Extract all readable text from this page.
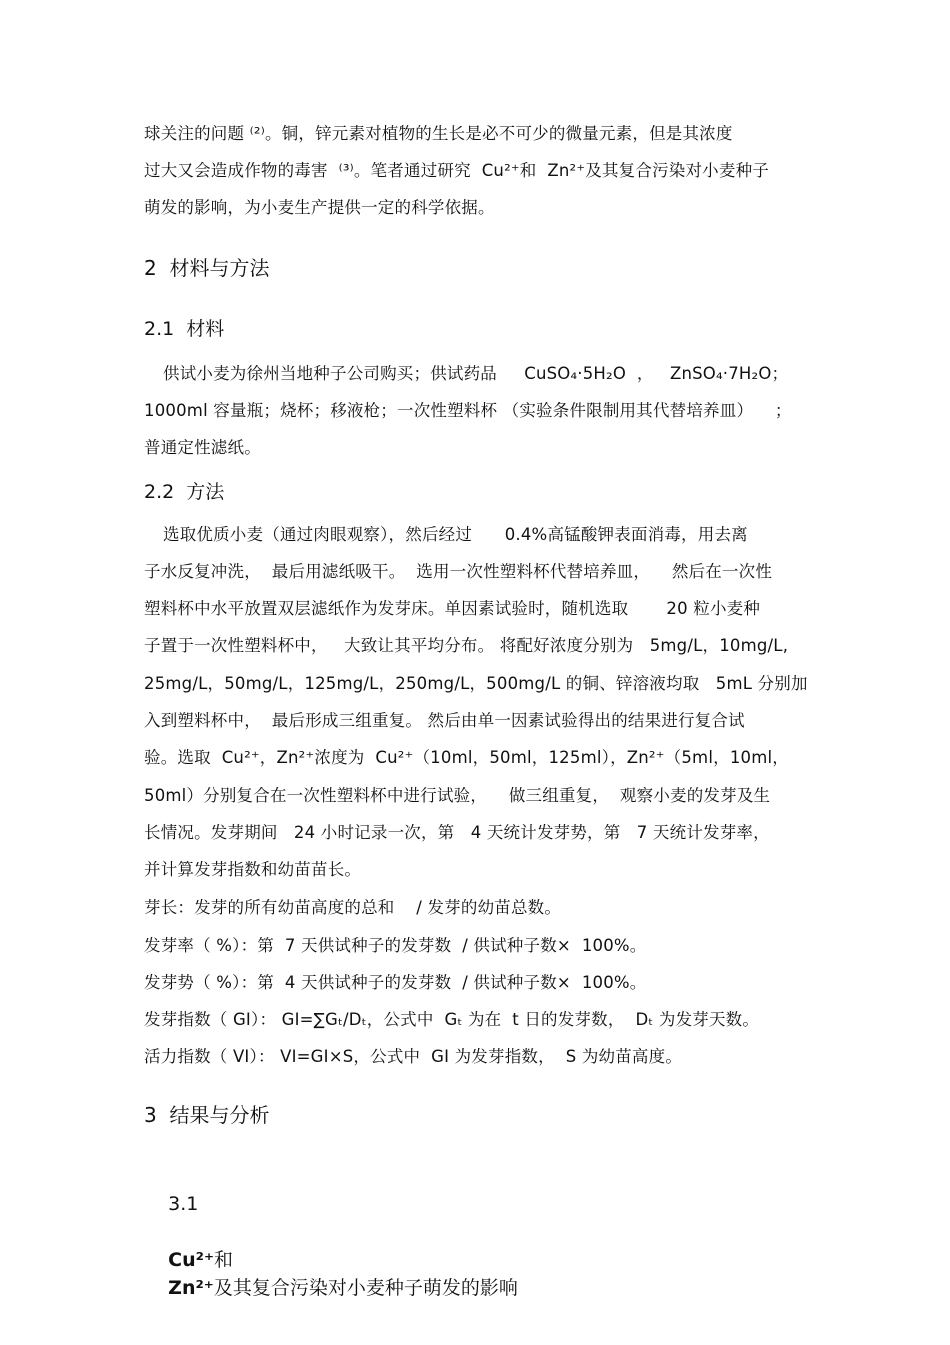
球关注的问题 ⁽²⁾。铜，锌元素对植物的生长是必不可少的微量元素，但是其浓度
过大又会造成作物的毒害  ⁽³⁾。笔者通过研究  Cu²⁺和  Zn²⁺及其复合污染对小麦种子
萌发的影响，为小麦生产提供一定的科学依据。
2  材料与方法
2.1  材料
供试小麦为徐州当地种子公司购买；供试药品     CuSO₄·5H₂O  ，   ZnSO₄·7H₂O；
1000ml 容量瓶；烧杯；移液枪；一次性塑料杯 （实验条件限制用其代替培养皿）    ；
普通定性滤纸。
2.2  方法
选取优质小麦（通过肉眼观察），然后经过      0.4%高锰酸钾表面消毒，用去离
子水反复冲洗，  最后用滤纸吸干。  选用一次性塑料杯代替培养皿，    然后在一次性
塑料杯中水平放置双层滤纸作为发芽床。单因素试验时，随机选取       20 粒小麦种
子置于一次性塑料杯中，   大致让其平均分布。 将配好浓度分别为   5mg/L，10mg/L,
25mg/L，50mg/L，125mg/L，250mg/L，500mg/L 的铜、锌溶液均取   5mL 分别加
入到塑料杯中，  最后形成三组重复。 然后由单一因素试验得出的结果进行复合试
验。选取  Cu²⁺，Zn²⁺浓度为  Cu²⁺（10ml，50ml，125ml），Zn²⁺（5ml，10ml，
50ml）分别复合在一次性塑料杯中进行试验，    做三组重复，  观察小麦的发芽及生
长情况。发芽期间   24 小时记录一次，第   4 天统计发芽势，第   7 天统计发芽率，
并计算发芽指数和幼苗苗长。
芽长：发芽的所有幼苗高度的总和    / 发芽的幼苗总数。
发芽率（ %）：第  7 天供试种子的发芽数  / 供试种子数×  100%。
发芽势（ %）：第  4 天供试种子的发芽数  / 供试种子数×  100%。
发芽指数（ GI）： GI=∑Gₜ/Dₜ，公式中  Gₜ 为在  t 日的发芽数，  Dₜ 为发芽天数。
活力指数（ VI）： VI=GI×S，公式中  GI 为发芽指数，  S 为幼苗高度。
3  结果与分析

3.1

Cu²⁺和
Zn²⁺及其复合污染对小麦种子萌发的影响
